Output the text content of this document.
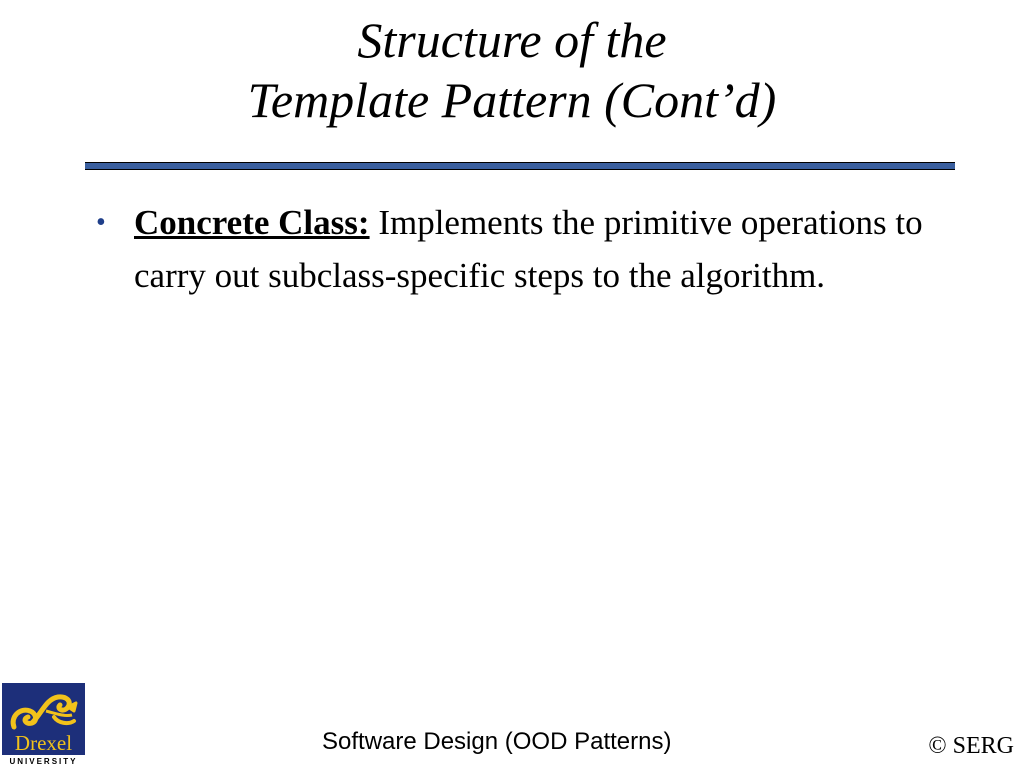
Structure of the
Template Pattern (Cont’d)
• Concrete Class: Implements the primitive operations to carry out subclass-specific steps to the algorithm.
Drexel
UNIVERSITY
Software Design (OOD Patterns)	© SERG
